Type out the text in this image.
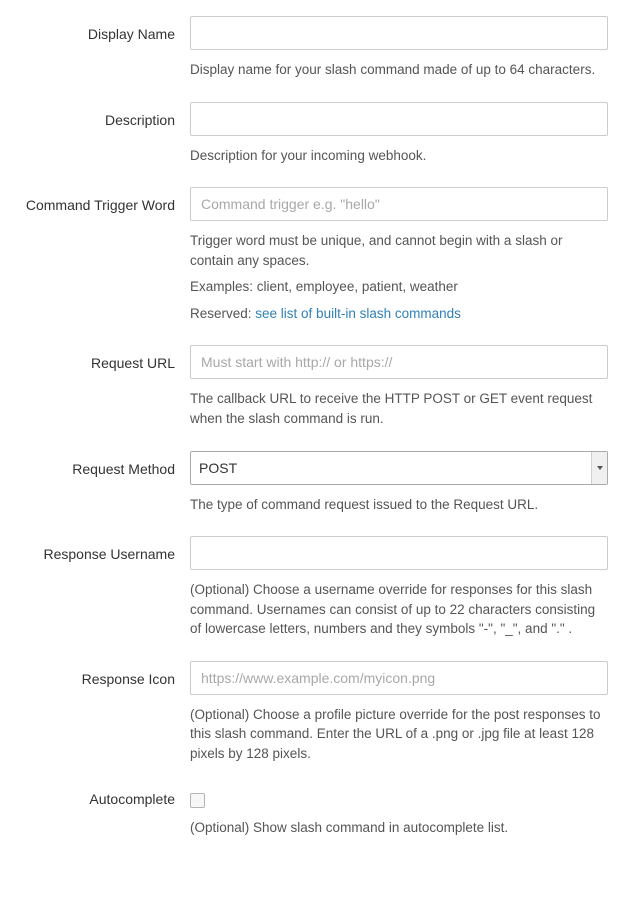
Display Name
Display name for your slash command made of up to 64 characters.
Description
Description for your incoming webhook.
Command Trigger Word
Command trigger e.g. "hello"
Trigger word must be unique, and cannot begin with a slash or contain any spaces.
Examples: client, employee, patient, weather
Reserved: see list of built-in slash commands
Request URL
Must start with http:// or https://
The callback URL to receive the HTTP POST or GET event request when the slash command is run.
Request Method
POST
The type of command request issued to the Request URL.
Response Username
(Optional) Choose a username override for responses for this slash command. Usernames can consist of up to 22 characters consisting of lowercase letters, numbers and they symbols "-", "_", and "." .
Response Icon
https://www.example.com/myicon.png
(Optional) Choose a profile picture override for the post responses to this slash command. Enter the URL of a .png or .jpg file at least 128 pixels by 128 pixels.
Autocomplete
(Optional) Show slash command in autocomplete list.
